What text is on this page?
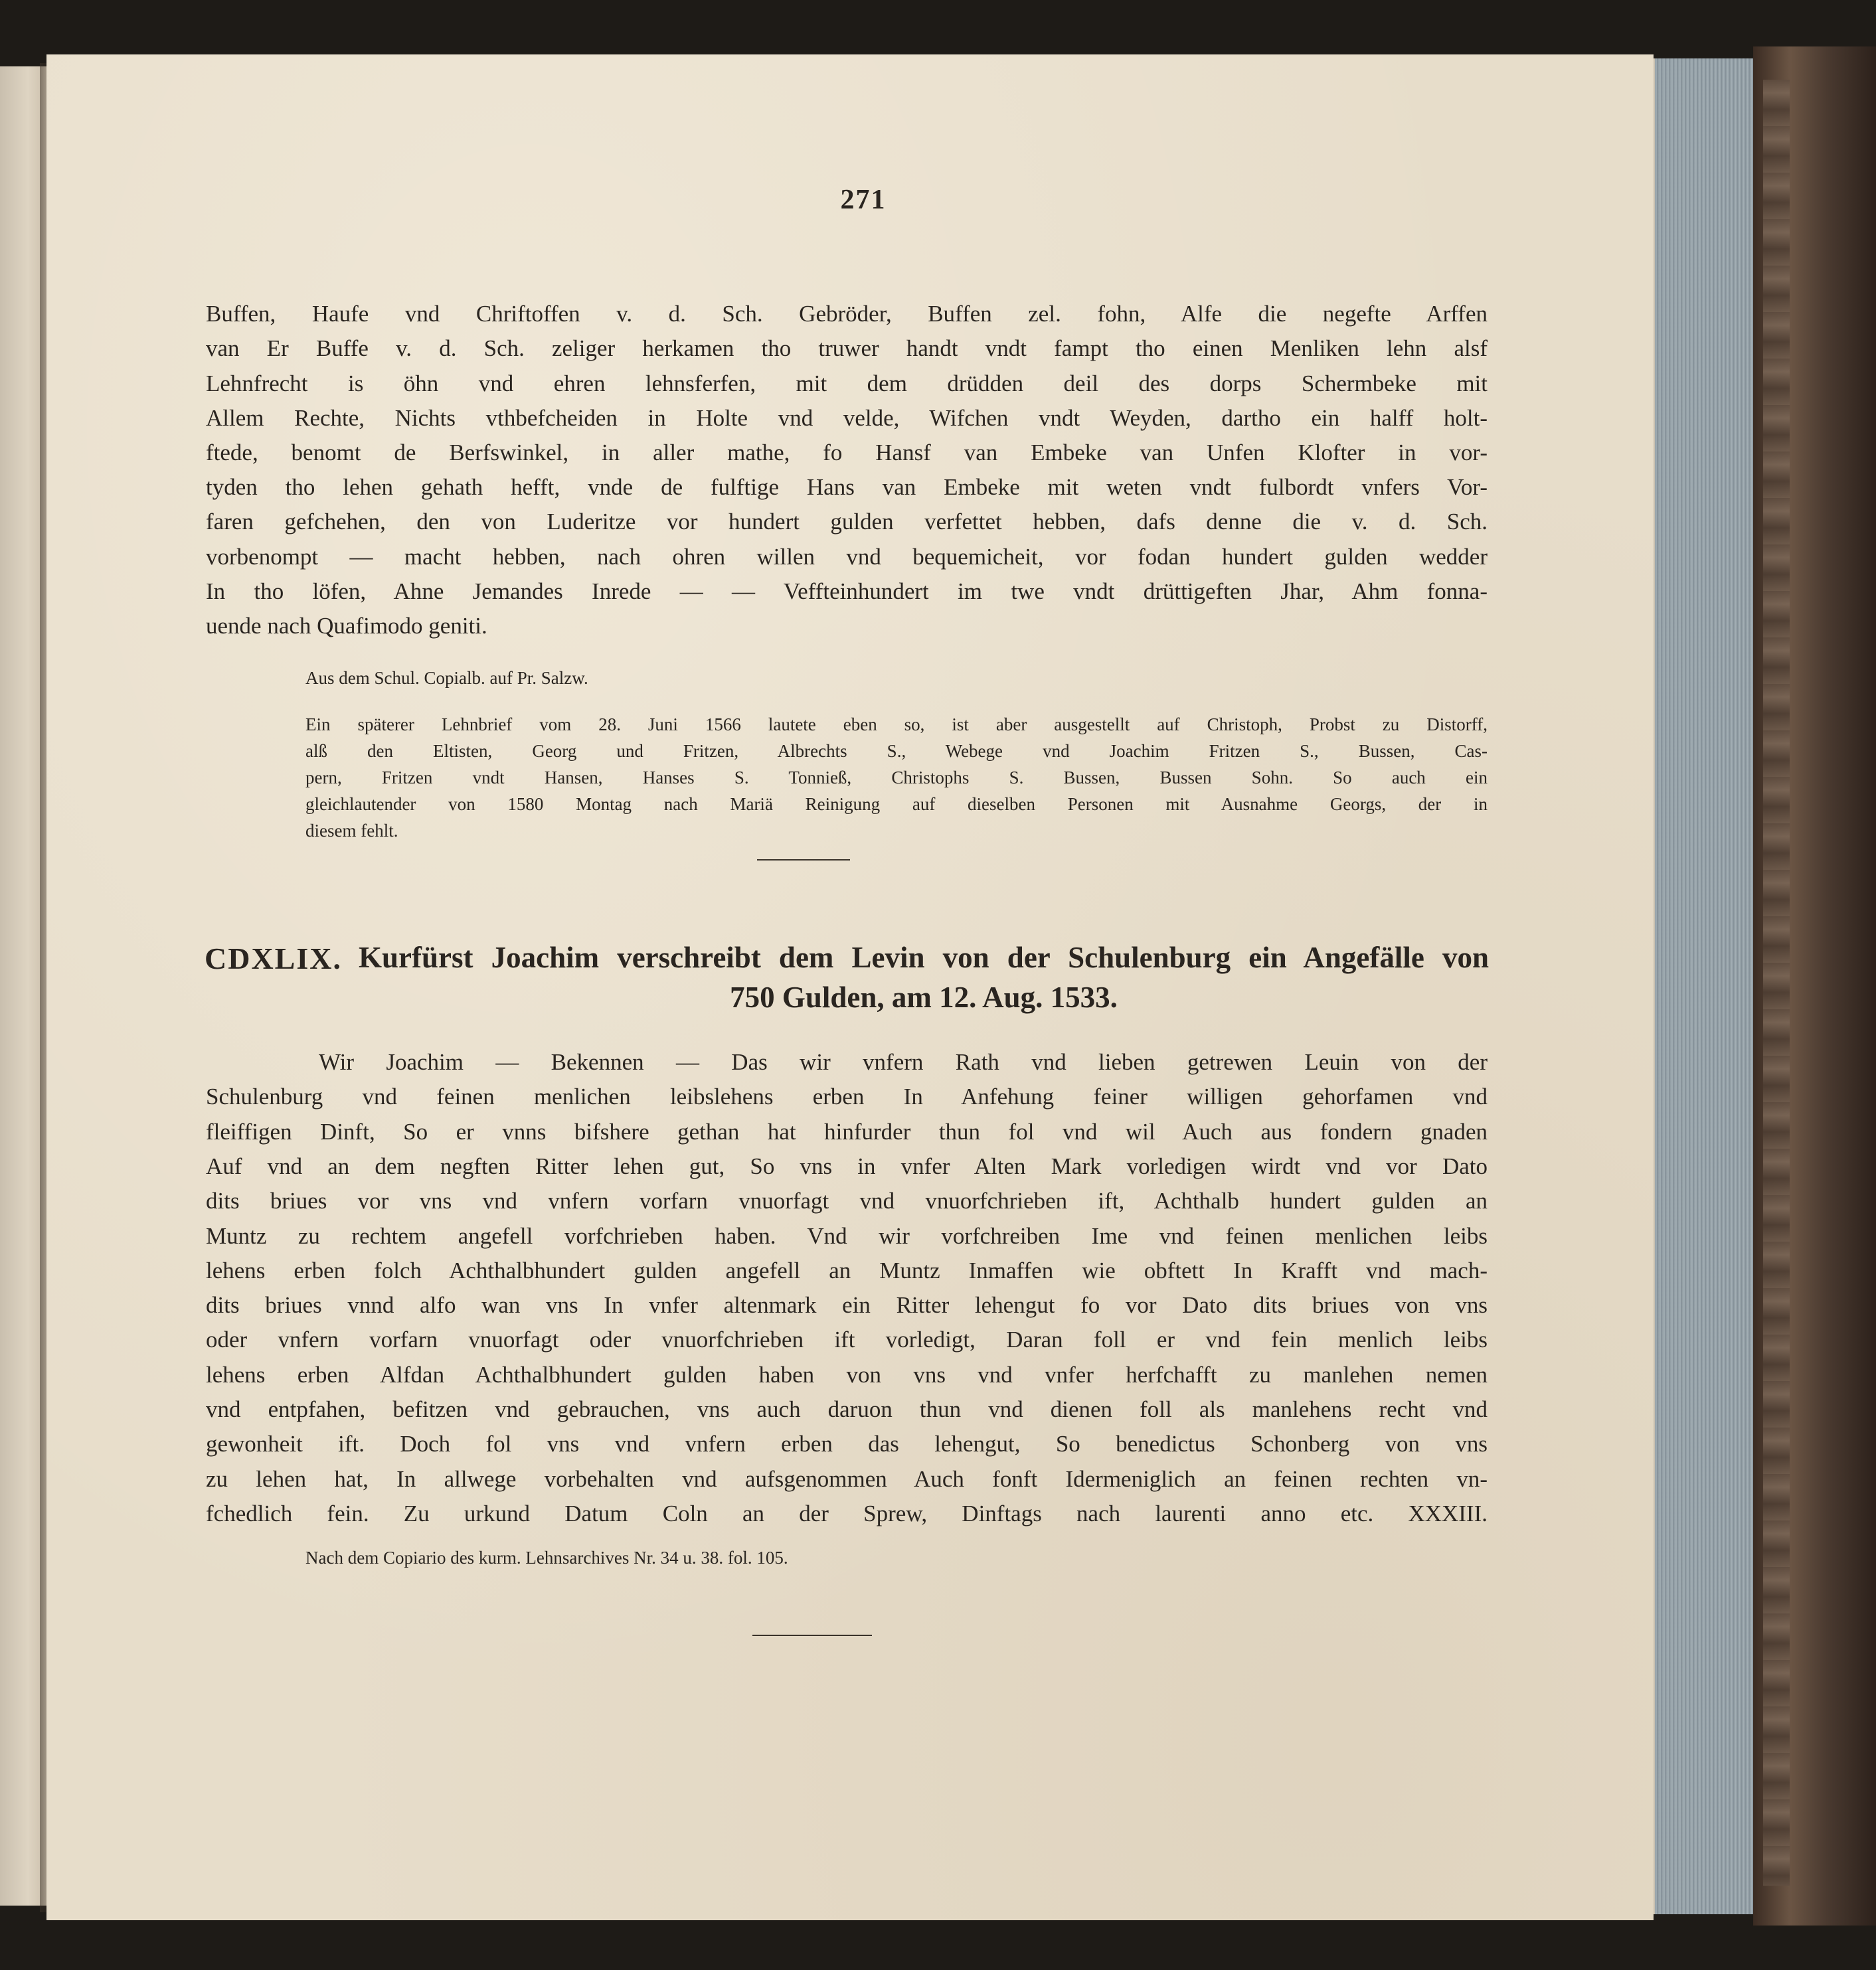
271
Buffen, Haufe vnd Chriftoffen v. d. Sch. Gebröder, Buffen zel. fohn, Alfe die negefte Arffen
van Er Buffe v. d. Sch. zeliger herkamen tho truwer handt vndt fampt tho einen Menliken lehn alsf
Lehnfrecht is öhn vnd ehren lehnsferfen, mit dem drüdden deil des dorps Schermbeke mit
Allem Rechte, Nichts vthbefcheiden in Holte vnd velde, Wifchen vndt Weyden, dartho ein halff holt-
ftede, benomt de Berfswinkel, in aller mathe, fo Hansf van Embeke van Unfen Klofter in vor-
tyden tho lehen gehath hefft, vnde de fulftige Hans van Embeke mit weten vndt fulbordt vnfers Vor-
faren gefchehen, den von Luderitze vor hundert gulden verfettet hebben, dafs denne die v. d. Sch.
vorbenompt — macht hebben, nach ohren willen vnd bequemicheit, vor fodan hundert gulden wedder
In tho löfen, Ahne Jemandes Inrede — — Veffteinhundert im twe vndt drüttigeften Jhar, Ahm fonna-
uende nach Quafimodo geniti.
Aus dem Schul. Copialb. auf Pr. Salzw.
Ein späterer Lehnbrief vom 28. Juni 1566 lautete eben so, ist aber ausgestellt auf Christoph, Probst zu Distorff,
alß den Eltisten, Georg und Fritzen, Albrechts S., Webege vnd Joachim Fritzen S., Bussen, Cas-
pern, Fritzen vndt Hansen, Hanses S. Tonnieß, Christophs S. Bussen, Bussen Sohn. So auch ein
gleichlautender von 1580 Montag nach Mariä Reinigung auf dieselben Personen mit Ausnahme Georgs, der in
diesem fehlt.
CDXLIX. Kurfürst Joachim verschreibt dem Levin von der Schulenburg ein Angefälle von
750 Gulden, am 12. Aug. 1533.
Wir Joachim — Bekennen — Das wir vnfern Rath vnd lieben getrewen Leuin von der
Schulenburg vnd feinen menlichen leibslehens erben In Anfehung feiner willigen gehorfamen vnd
fleiffigen Dinft, So er vnns bifshere gethan hat hinfurder thun fol vnd wil Auch aus fondern gnaden
Auf vnd an dem negften Ritter lehen gut, So vns in vnfer Alten Mark vorledigen wirdt vnd vor Dato
dits briues vor vns vnd vnfern vorfarn vnuorfagt vnd vnuorfchrieben ift, Achthalb hundert gulden an
Muntz zu rechtem angefell vorfchrieben haben. Vnd wir vorfchreiben Ime vnd feinen menlichen leibs
lehens erben folch Achthalbhundert gulden angefell an Muntz Inmaffen wie obftett In Krafft vnd mach-
dits briues vnnd alfo wan vns In vnfer altenmark ein Ritter lehengut fo vor Dato dits briues von vns
oder vnfern vorfarn vnuorfagt oder vnuorfchrieben ift vorledigt, Daran foll er vnd fein menlich leibs
lehens erben Alfdan Achthalbhundert gulden haben von vns vnd vnfer herfchafft zu manlehen nemen
vnd entpfahen, befitzen vnd gebrauchen, vns auch daruon thun vnd dienen foll als manlehens recht vnd
gewonheit ift. Doch fol vns vnd vnfern erben das lehengut, So benedictus Schonberg von vns
zu lehen hat, In allwege vorbehalten vnd aufsgenommen Auch fonft Idermeniglich an feinen rechten vn-
fchedlich fein. Zu urkund Datum Coln an der Sprew, Dinftags nach laurenti anno etc. XXXIII.
Nach dem Copiario des kurm. Lehnsarchives Nr. 34 u. 38. fol. 105.
